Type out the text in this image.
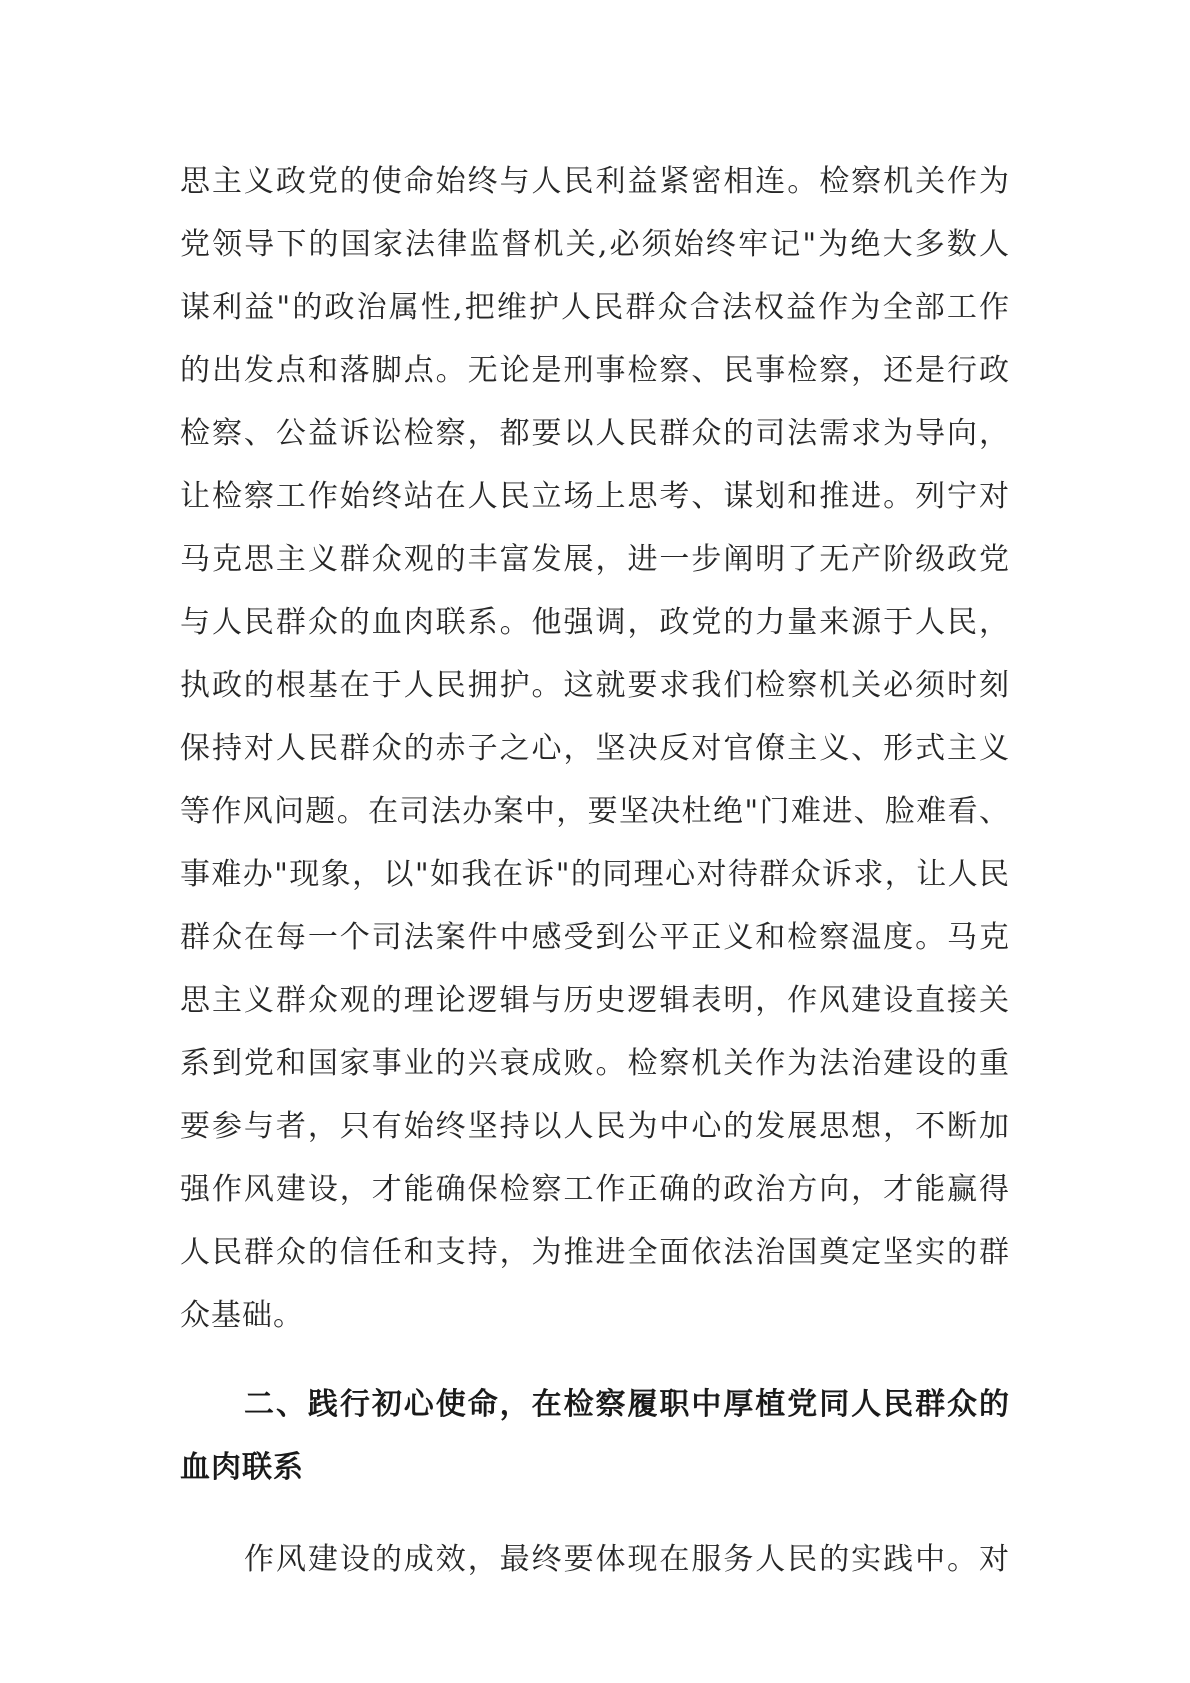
思主义政党的使命始终与人民利益紧密相连。检察机关作为
党领导下的国家法律监督机关,必须始终牢记"为绝大多数人
谋利益"的政治属性,把维护人民群众合法权益作为全部工作
的出发点和落脚点。无论是刑事检察、民事检察，还是行政
检察、公益诉讼检察，都要以人民群众的司法需求为导向，
让检察工作始终站在人民立场上思考、谋划和推进。列宁对
马克思主义群众观的丰富发展，进一步阐明了无产阶级政党
与人民群众的血肉联系。他强调，政党的力量来源于人民，
执政的根基在于人民拥护。这就要求我们检察机关必须时刻
保持对人民群众的赤子之心，坚决反对官僚主义、形式主义
等作风问题。在司法办案中，要坚决杜绝"门难进、脸难看、
事难办"现象，以"如我在诉"的同理心对待群众诉求，让人民
群众在每一个司法案件中感受到公平正义和检察温度。马克
思主义群众观的理论逻辑与历史逻辑表明，作风建设直接关
系到党和国家事业的兴衰成败。检察机关作为法治建设的重
要参与者，只有始终坚持以人民为中心的发展思想，不断加
强作风建设，才能确保检察工作正确的政治方向，才能赢得
人民群众的信任和支持，为推进全面依法治国奠定坚实的群
众基础。
二、践行初心使命，在检察履职中厚植党同人民群众的
血肉联系
作风建设的成效，最终要体现在服务人民的实践中。对
